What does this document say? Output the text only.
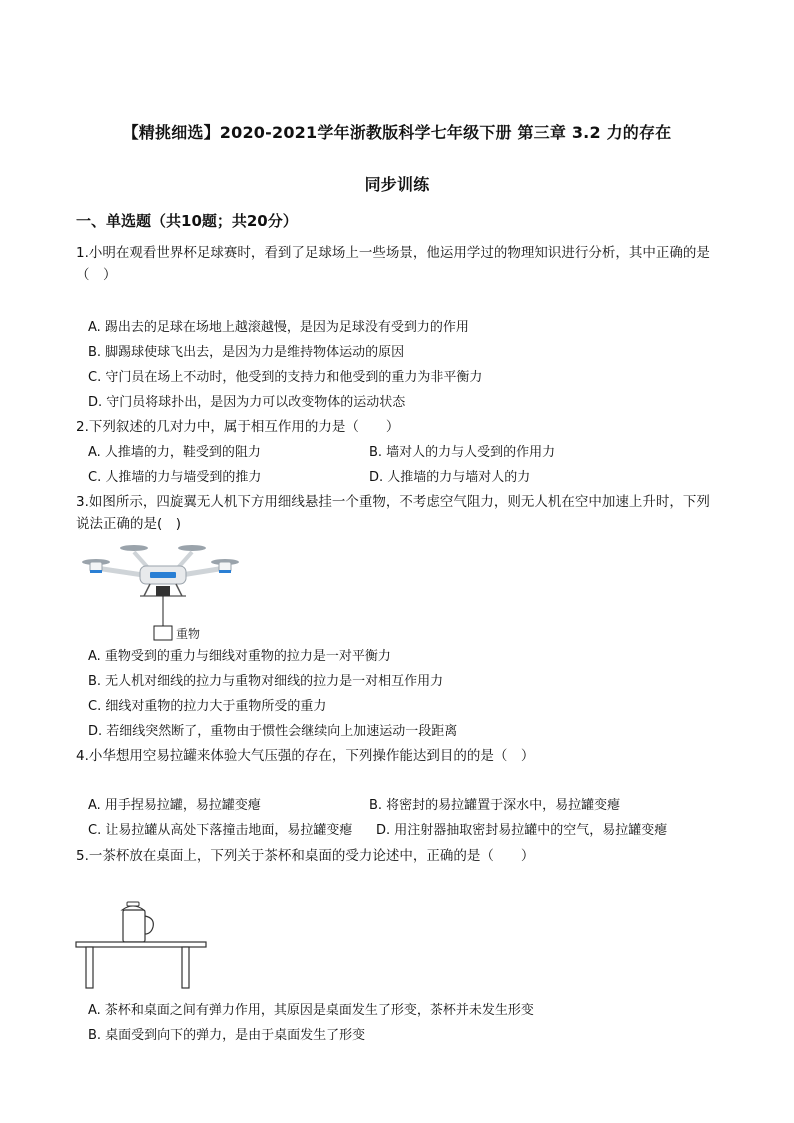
【精挑细选】2020-2021学年浙教版科学七年级下册 第三章 3.2 力的存在
同步训练
一、单选题（共10题；共20分）
1.小明在观看世界杯足球赛时，看到了足球场上一些场景，他运用学过的物理知识进行分析，其中正确的是（　）
A. 踢出去的足球在场地上越滚越慢，是因为足球没有受到力的作用
B. 脚踢球使球飞出去，是因为力是维持物体运动的原因
C. 守门员在场上不动时，他受到的支持力和他受到的重力为非平衡力
D. 守门员将球扑出，是因为力可以改变物体的运动状态
2.下列叙述的几对力中，属于相互作用的力是（　　）
A. 人推墙的力，鞋受到的阻力	B. 墙对人的力与人受到的作用力
C. 人推墙的力与墙受到的推力	D. 人推墙的力与墙对人的力
3.如图所示，四旋翼无人机下方用细线悬挂一个重物，不考虑空气阻力，则无人机在空中加速上升时，下列说法正确的是(　)
重物
A. 重物受到的重力与细线对重物的拉力是一对平衡力
B. 无人机对细线的拉力与重物对细线的拉力是一对相互作用力
C. 细线对重物的拉力大于重物所受的重力
D. 若细线突然断了，重物由于惯性会继续向上加速运动一段距离
4.小华想用空易拉罐来体验大气压强的存在，下列操作能达到目的的是（　）
A. 用手捏易拉罐，易拉罐变瘪	B. 将密封的易拉罐置于深水中，易拉罐变瘪
C. 让易拉罐从高处下落撞击地面，易拉罐变瘪 D. 用注射器抽取密封易拉罐中的空气，易拉罐变瘪
5.一茶杯放在桌面上，下列关于茶杯和桌面的受力论述中，正确的是（　　）
A. 茶杯和桌面之间有弹力作用，其原因是桌面发生了形变，茶杯并未发生形变
B. 桌面受到向下的弹力，是由于桌面发生了形变
